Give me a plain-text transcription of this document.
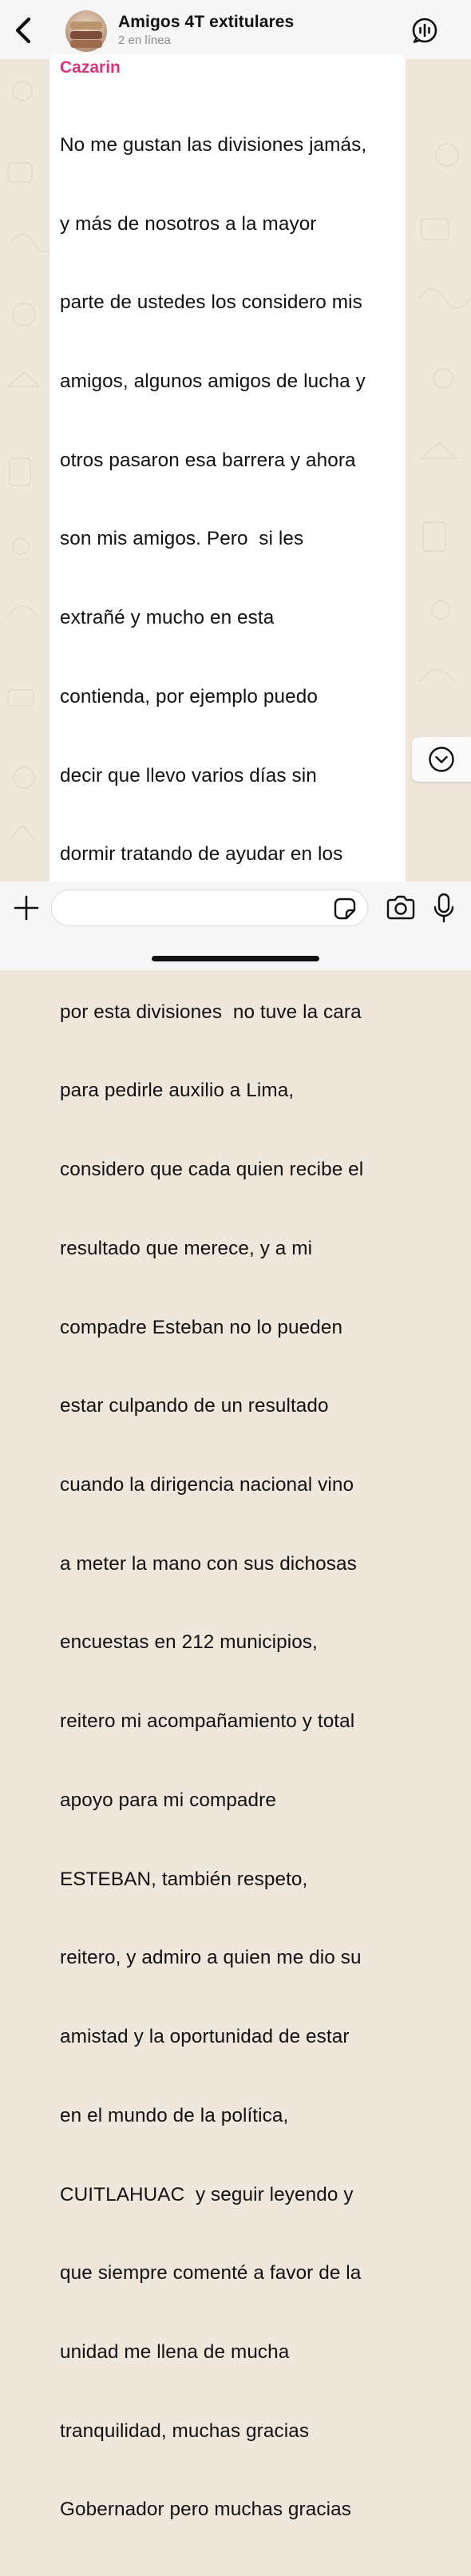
Amigos 4T extitulares
2 en línea
Cazarin

No me gustan las divisiones jamás,

y más de nosotros a la mayor

parte de ustedes los considero mis

amigos, algunos amigos de lucha y

otros pasaron esa barrera y ahora

son mis amigos. Pero  si les

extrañé y mucho en esta

contienda, por ejemplo puedo

decir que llevo varios días sin

dormir tratando de ayudar en los

por esta divisiones  no tuve la cara

para pedirle auxilio a Lima,

considero que cada quien recibe el

resultado que merece, y a mi

compadre Esteban no lo pueden

estar culpando de un resultado

cuando la dirigencia nacional vino

a meter la mano con sus dichosas

encuestas en 212 municipios,

reitero mi acompañamiento y total

apoyo para mi compadre

ESTEBAN, también respeto,

reitero, y admiro a quien me dio su

amistad y la oportunidad de estar

en el mundo de la política,

CUITLAHUAC  y seguir leyendo y

que siempre comenté a favor de la

unidad me llena de mucha

tranquilidad, muchas gracias

Gobernador pero muchas gracias
